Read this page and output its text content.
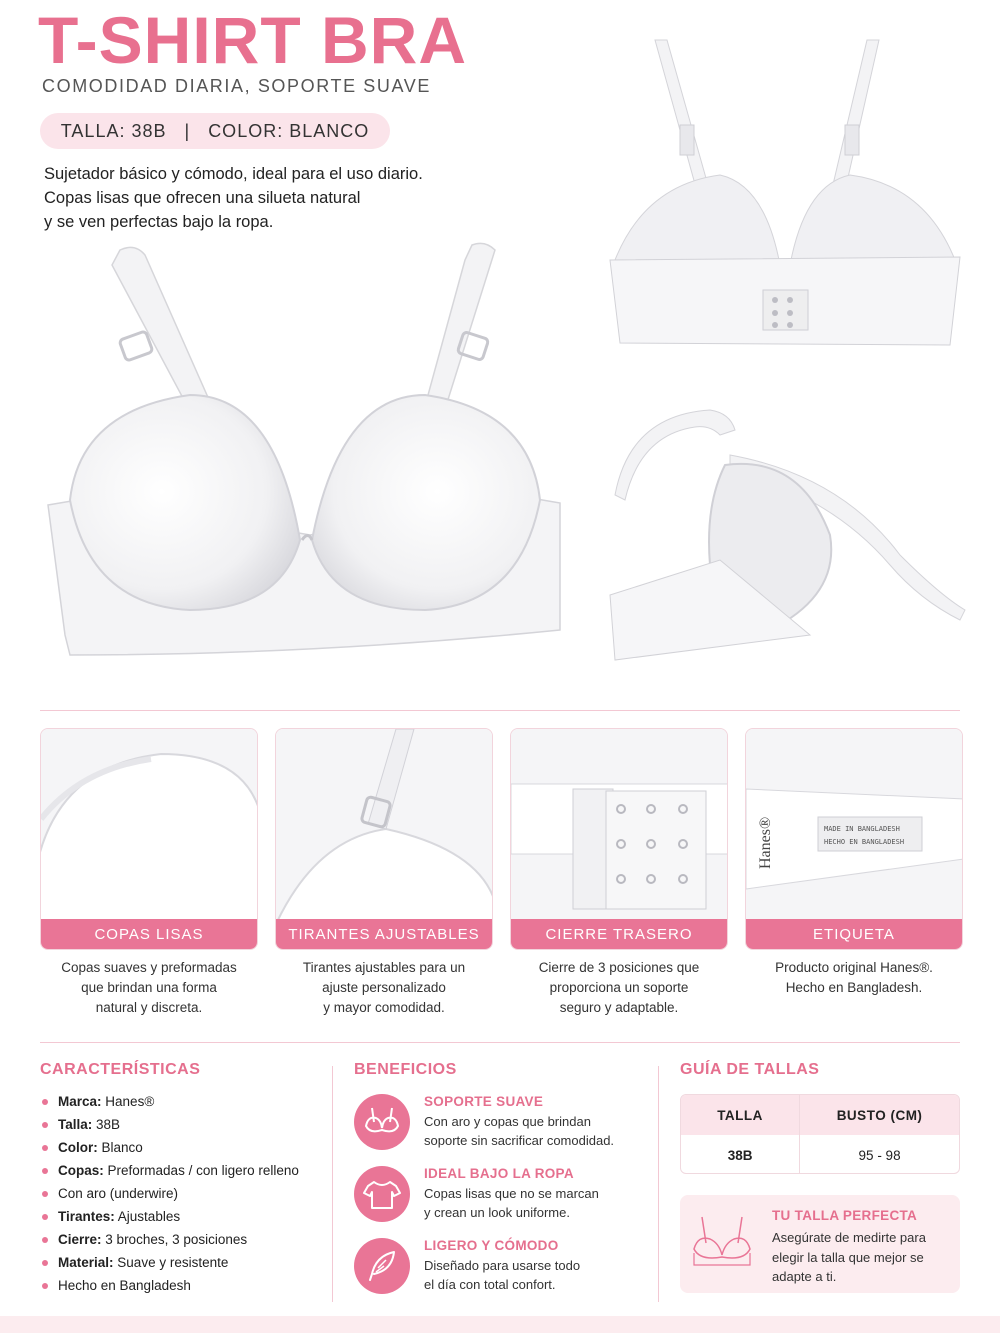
T-SHIRT BRA
COMODIDAD DIARIA, SOPORTE SUAVE
TALLA: 38B | COLOR: BLANCO
Sujetador básico y cómodo, ideal para el uso diario.
Copas lisas que ofrecen una silueta natural
y se ven perfectas bajo la ropa.
COPAS LISAS	TIRANTES AJUSTABLES	CIERRE TRASERO
MADE IN BANGLADESH
HECHO EN BANGLADESH
Hanes®
ETIQUETA
Copas suaves y preformadas
que brindan una forma
natural y discreta.
Tirantes ajustables para un
ajuste personalizado
y mayor comodidad.
Cierre de 3 posiciones que
proporciona un soporte
seguro y adaptable.
Producto original Hanes®.
Hecho en Bangladesh.
CARACTERÍSTICAS
Marca: Hanes®
Talla: 38B
Color: Blanco
Copas: Preformadas / con ligero relleno
Con aro (underwire)
Tirantes: Ajustables
Cierre: 3 broches, 3 posiciones
Material: Suave y resistente
Hecho en Bangladesh
BENEFICIOS
SOPORTE SUAVE
Con aro y copas que brindan
soporte sin sacrificar comodidad.
IDEAL BAJO LA ROPA
Copas lisas que no se marcan
y crean un look uniforme.
LIGERO Y CÓMODO
Diseñado para usarse todo
el día con total confort.
GUÍA DE TALLAS
TALLA	BUSTO (CM)
38B	95 - 98
TU TALLA PERFECTA
Asegúrate de medirte para
elegir la talla que mejor se
adapte a ti.
